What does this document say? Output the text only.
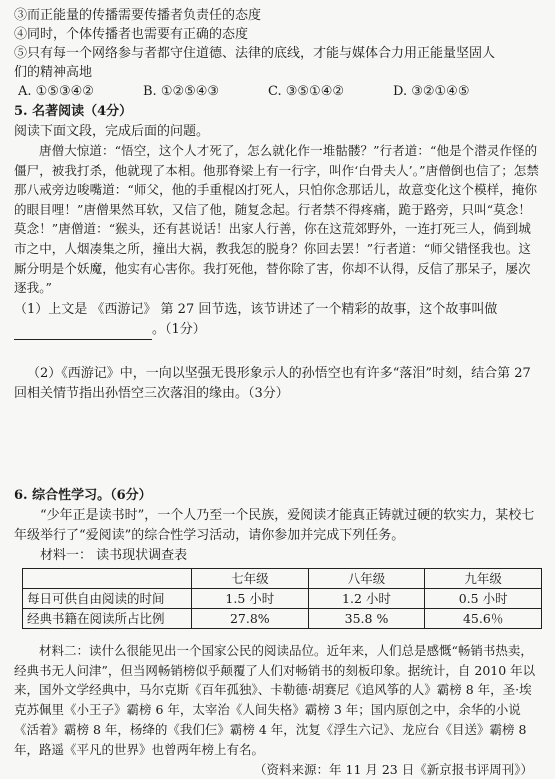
③而正能量的传播需要传播者负责任的态度

④同时，个体传播者也需要有正确的态度

⑤只有每一个网络参与者都守住道德、法律的底线，才能与媒体合力用正能量坚固人

们的精神高地

A. ①⑤③④②	B. ①②⑤④③	C. ③⑤①④②	D. ③②①④⑤

5. 名著阅读（4分）

阅读下面文段，完成后面的问题。

唐僧大惊道：“悟空，这个人才死了，怎么就化作一堆骷髅？”行者道：“他是个潜灵作怪的僵尸，被我打杀，他就现了本相。他那脊梁上有一行字，叫作‘白骨夫人’。”唐僧倒也信了；怎禁那八戒旁边唆嘴道：“师父，他的手重棍凶打死人，只怕你念那话儿，故意变化这个模样，掩你的眼目哩！”唐僧果然耳软，又信了他，随复念起。行者禁不得疼痛，跪于路旁，只叫“莫念！莫念！”唐僧道：“猴头，还有甚说话！出家人行善，你在这荒郊野外，一连打死三人，倘到城市之中，人烟凑集之所，撞出大祸，教我怎的脱身？你回去罢！”行者道：“师父错怪我也。这厮分明是个妖魔，他实有心害你。我打死他，替你除了害，你却不认得，反信了那呆子，屡次逐我。”

（1）上文是 《西游记》 第 27 回节选，该节讲述了一个精彩的故事，这个故事叫做
。（1分）

（2）《西游记》中，一向以坚强无畏形象示人的孙悟空也有许多“落泪”时刻，结合第 27 回相关情节指出孙悟空三次落泪的缘由。（3分）

6. 综合性学习。（6分）

“少年正是读书时”，一个人乃至一个民族，爱阅读才能真正铸就过硬的软实力，某校七年级举行了“爱阅读”的综合性学习活动，请你参加并完成下列任务。

材料一： 读书现状调查表

	七年级	八年级	九年级
每日可供自由阅读的时间	1.5 小时	1.2 小时	0.5 小时
经典书籍在阅读所占比例	27.8%	35.8 %	45.6％

材料二：读什么很能见出一个国家公民的阅读品位。近年来，人们总是感慨“畅销书热卖，经典书无人问津”，但当网畅销榜似乎颠覆了人们对畅销书的刻板印象。据统计，自 2010 年以来，国外文学经典中，马尔克斯《百年孤独》、卡勒德·胡赛尼《追风筝的人》霸榜 8 年，圣·埃克苏佩里《小王子》霸榜 6 年，太宰治《人间失格》霸榜 3 年；国内原创之中，余华的小说《活着》霸榜 8 年，杨绛的《我们仨》霸榜 4 年，沈复《浮生六记》、龙应台《目送》霸榜 8 年，路遥《平凡的世界》也曾两年榜上有名。

（资料来源：年 11 月 23 日《新京报书评周刊》）
